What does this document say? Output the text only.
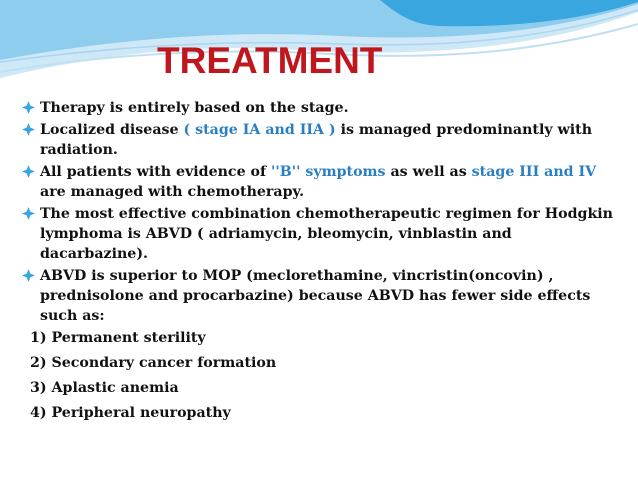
TREATMENT
Therapy is entirely based on the stage.
Localized disease ( stage IA and IIA ) is managed predominantly with radiation.
All patients with evidence of ''B'' symptoms as well as stage III and IV are managed with chemotherapy.
The most effective combination chemotherapeutic regimen for Hodgkin lymphoma is ABVD ( adriamycin, bleomycin, vinblastin and dacarbazine).
ABVD is superior to MOP (meclorethamine, vincristin(oncovin) , prednisolone and procarbazine) because ABVD has fewer side effects such as:
1) Permanent sterility
2) Secondary cancer formation
3) Aplastic anemia
4) Peripheral neuropathy
